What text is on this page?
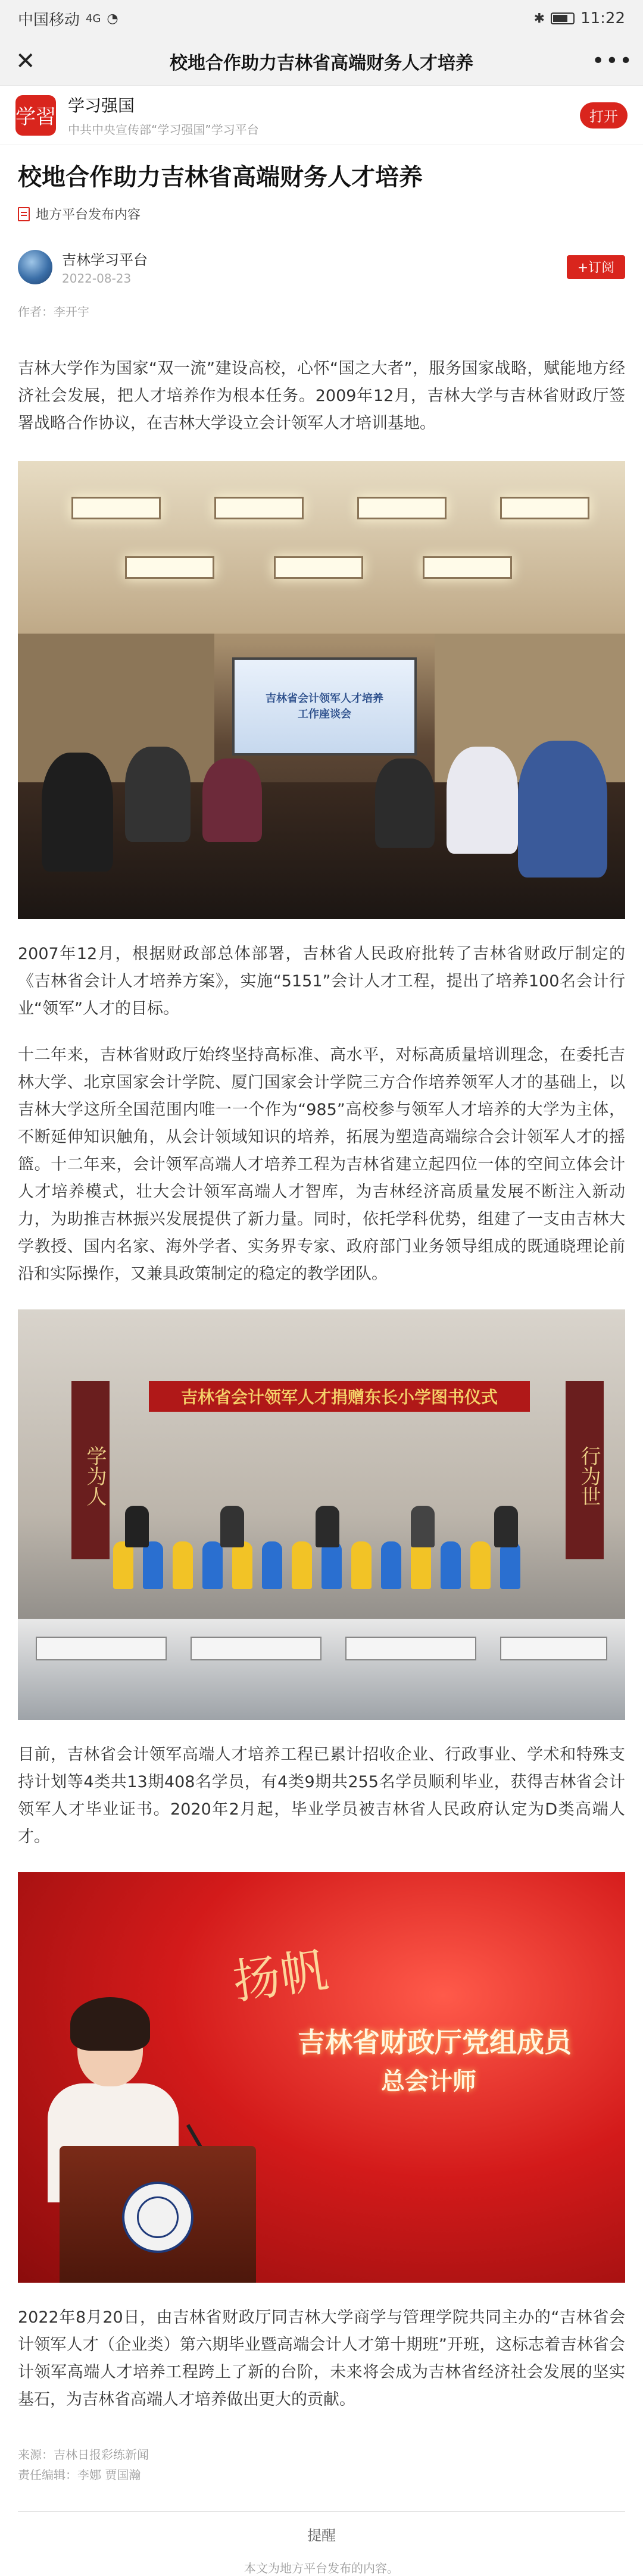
中国移动 4G ◔	✱ 11:22
✕	校地合作助力吉林省高端财务人才培养	•••
学習 学习强国
中共中央宣传部“学习强国”学习平台
打开
校地合作助力吉林省高端财务人才培养
地方平台发布内容
吉林学习平台
2022-08-23
+订阅
作者：李开宇

吉林大学作为国家“双一流”建设高校，心怀“国之大者”，服务国家战略，赋能地方经济社会发展，把人才培养作为根本任务。2009年12月，吉林大学与吉林省财政厅签署战略合作协议，在吉林大学设立会计领军人才培训基地。

吉林省会计领军人才培养
工作座谈会

2007年12月，根据财政部总体部署，吉林省人民政府批转了吉林省财政厅制定的《吉林省会计人才培养方案》，实施“5151”会计人才工程，提出了培养100名会计行业“领军”人才的目标。

十二年来，吉林省财政厅始终坚持高标准、高水平，对标高质量培训理念，在委托吉林大学、北京国家会计学院、厦门国家会计学院三方合作培养领军人才的基础上，以吉林大学这所全国范围内唯一一个作为“985”高校参与领军人才培养的大学为主体，不断延伸知识触角，从会计领域知识的培养，拓展为塑造高端综合会计领军人才的摇篮。十二年来，会计领军高端人才培养工程为吉林省建立起四位一体的空间立体会计人才培养模式，壮大会计领军高端人才智库，为吉林经济高质量发展不断注入新动力，为助推吉林振兴发展提供了新力量。同时，依托学科优势，组建了一支由吉林大学教授、国内名家、海外学者、实务界专家、政府部门业务领导组成的既通晓理论前沿和实际操作，又兼具政策制定的稳定的教学团队。

学为人	行为世
吉林省会计领军人才捐赠东长小学图书仪式

目前，吉林省会计领军高端人才培养工程已累计招收企业、行政事业、学术和特殊支持计划等4类共13期408名学员，有4类9期共255名学员顺利毕业，获得吉林省会计领军人才毕业证书。2020年2月起，毕业学员被吉林省人民政府认定为D类高端人才。

扬帆
吉林省财政厅党组成员
总会计师

2022年8月20日，由吉林省财政厅同吉林大学商学与管理学院共同主办的“吉林省会计领军人才（企业类）第六期毕业暨高端会计人才第十期班”开班，这标志着吉林省会计领军高端人才培养工程跨上了新的台阶，未来将会成为吉林省经济社会发展的坚实基石，为吉林省高端人才培养做出更大的贡献。

来源：吉林日报彩练新闻
责任编辑：李娜 贾国瀚
提醒
本文为地方平台发布的内容。
